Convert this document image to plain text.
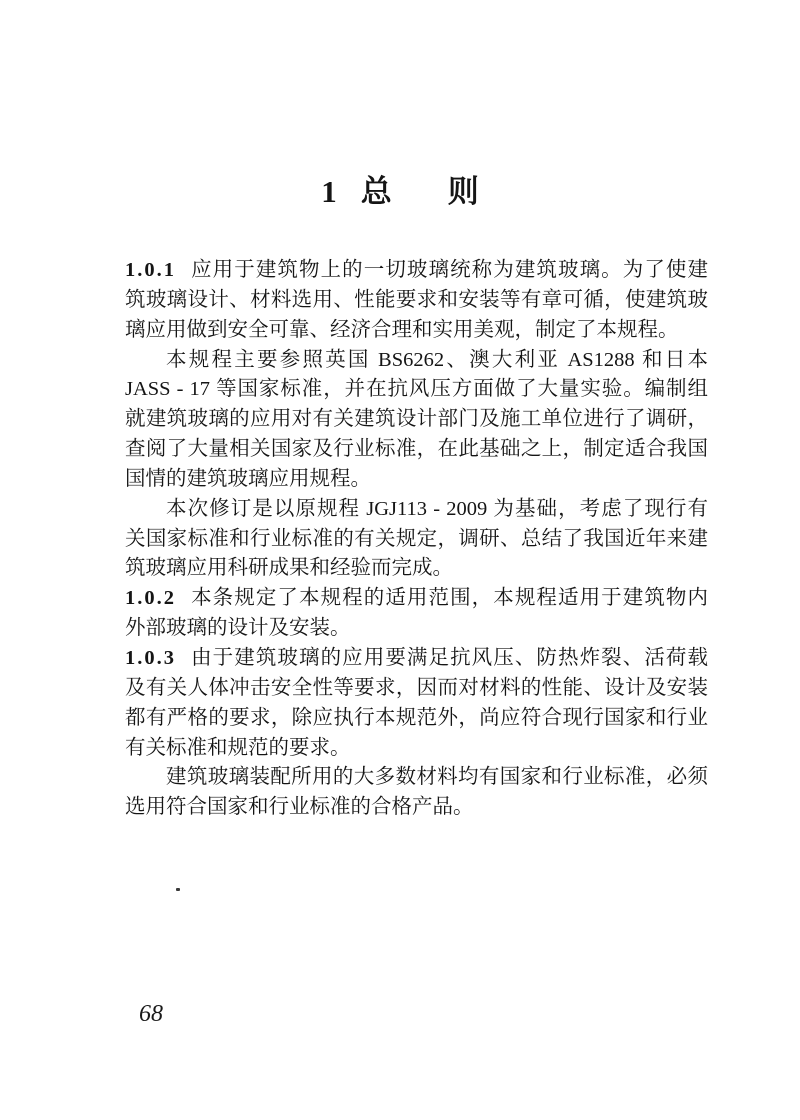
1 总 则
1.0.1 应用于建筑物上的一切玻璃统称为建筑玻璃。为了使建
筑玻璃设计、材料选用、性能要求和安装等有章可循，使建筑玻
璃应用做到安全可靠、经济合理和实用美观，制定了本规程。
本规程主要参照英国 BS6262、澳大利亚 AS1288 和日本
JASS - 17 等国家标准，并在抗风压方面做了大量实验。编制组
就建筑玻璃的应用对有关建筑设计部门及施工单位进行了调研，
查阅了大量相关国家及行业标准，在此基础之上，制定适合我国
国情的建筑玻璃应用规程。
本次修订是以原规程 JGJ113 - 2009 为基础，考虑了现行有
关国家标准和行业标准的有关规定，调研、总结了我国近年来建
筑玻璃应用科研成果和经验而完成。
1.0.2 本条规定了本规程的适用范围，本规程适用于建筑物内
外部玻璃的设计及安装。
1.0.3 由于建筑玻璃的应用要满足抗风压、防热炸裂、活荷载
及有关人体冲击安全性等要求，因而对材料的性能、设计及安装
都有严格的要求，除应执行本规范外，尚应符合现行国家和行业
有关标准和规范的要求。
建筑玻璃装配所用的大多数材料均有国家和行业标准，必须
选用符合国家和行业标准的合格产品。
68
